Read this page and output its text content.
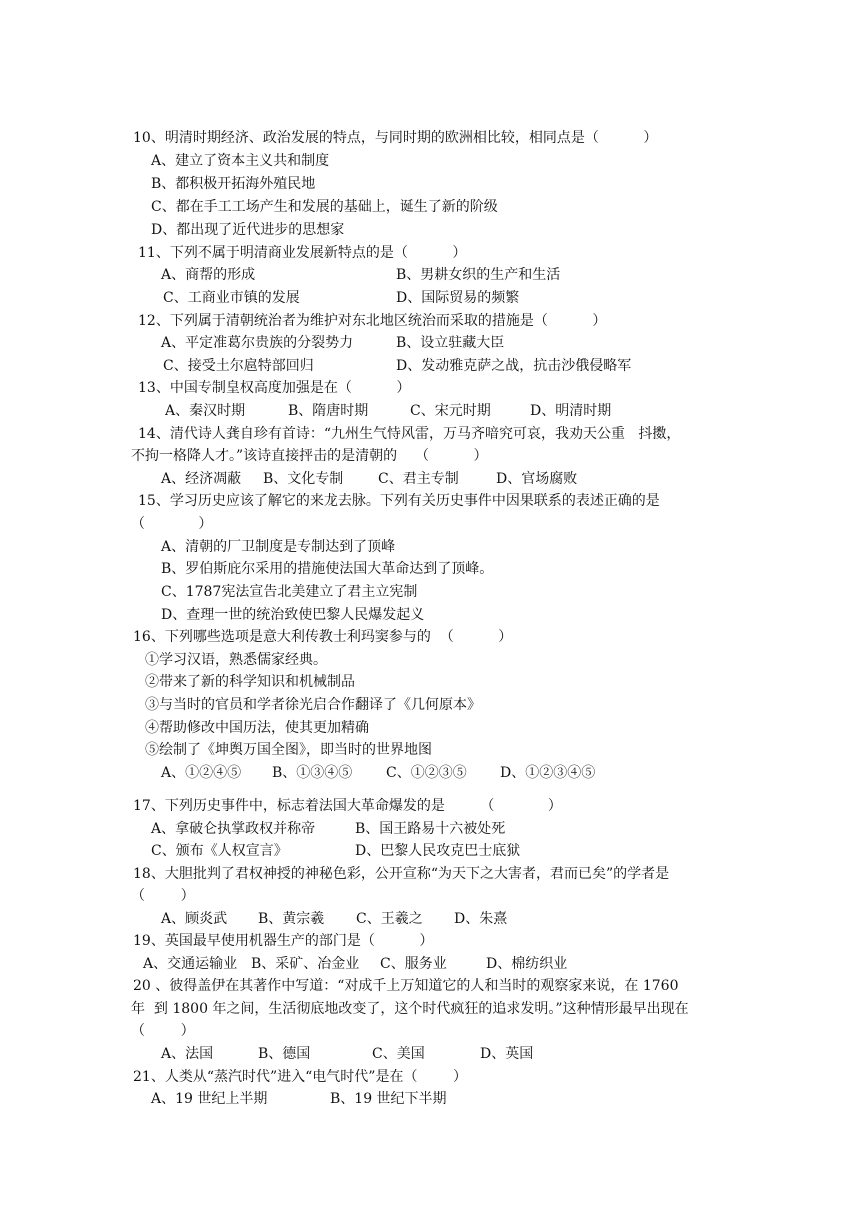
10、明清时期经济、政治发展的特点，与同时期的欧洲相比较，相同点是（          ）
A、建立了资本主义共和制度
B、都积极开拓海外殖民地
C、都在手工工场产生和发展的基础上，诞生了新的阶级
D、都出现了近代进步的思想家
11、下列不属于明清商业发展新特点的是（          ）
A、商帮的形成	B、男耕女织的生产和生活
C、工商业市镇的发展	D、国际贸易的频繁
12、下列属于清朝统治者为维护对东北地区统治而采取的措施是（          ）
A、平定准葛尔贵族的分裂势力	B、设立驻藏大臣
C、接受土尔扈特部回归	D、发动雅克萨之战，抗击沙俄侵略军
13、中国专制皇权高度加强是在（          ）
A、秦汉时期	B、隋唐时期	C、宋元时期	D、明清时期
14、清代诗人龚自珍有首诗：“九州生气恃风雷，万马齐喑究可哀，我劝天公重   抖擞，
不拘一格降人才。”该诗直接抨击的是清朝的    （          ）
A、经济凋蔽 B、文化专制 C、君主专制	D、官场腐败
15、学习历史应该了解它的来龙去脉。下列有关历史事件中因果联系的表述正确的是
（            ）
A、清朝的厂卫制度是专制达到了顶峰
B、罗伯斯庇尔采用的措施使法国大革命达到了顶峰。
C、1787宪法宣告北美建立了君主立宪制
D、查理一世的统治致使巴黎人民爆发起义
16、下列哪些选项是意大利传教士利玛窦参与的  （          ）
①学习汉语，熟悉儒家经典。
②带来了新的科学知识和机械制品
③与当时的官员和学者徐光启合作翻译了《几何原本》
④帮助修改中国历法，使其更加精确
⑤绘制了《坤舆万国全图》，即当时的世界地图
A、①②④⑤ B、①③④⑤ C、①②③⑤ D、①②③④⑤
17、下列历史事件中，标志着法国大革命爆发的是        （            ）
A、拿破仑执掌政权并称帝	B、国王路易十六被处死
C、颁布《人权宣言》	D、巴黎人民攻克巴士底狱
18、大胆批判了君权神授的神秘色彩，公开宣称“为天下之大害者，君而已矣”的学者是
（        ）
A、顾炎武 B、黄宗羲 C、王羲之 D、朱熹
19、英国最早使用机器生产的部门是（          ）
A、交通运输业 B、采矿、冶金业 C、服务业	D、棉纺织业
20 、彼得盖伊在其著作中写道：“对成千上万知道它的人和当时的观察家来说，在 1760
年  到 1800 年之间，生活彻底地改变了，这个时代疯狂的追求发明。”这种情形最早出现在
（        ）
A、法国	B、德国	C、美国	D、英国
21、人类从“蒸汽时代”进入“电气时代”是在（        ）
A、19 世纪上半期	B、19 世纪下半期
